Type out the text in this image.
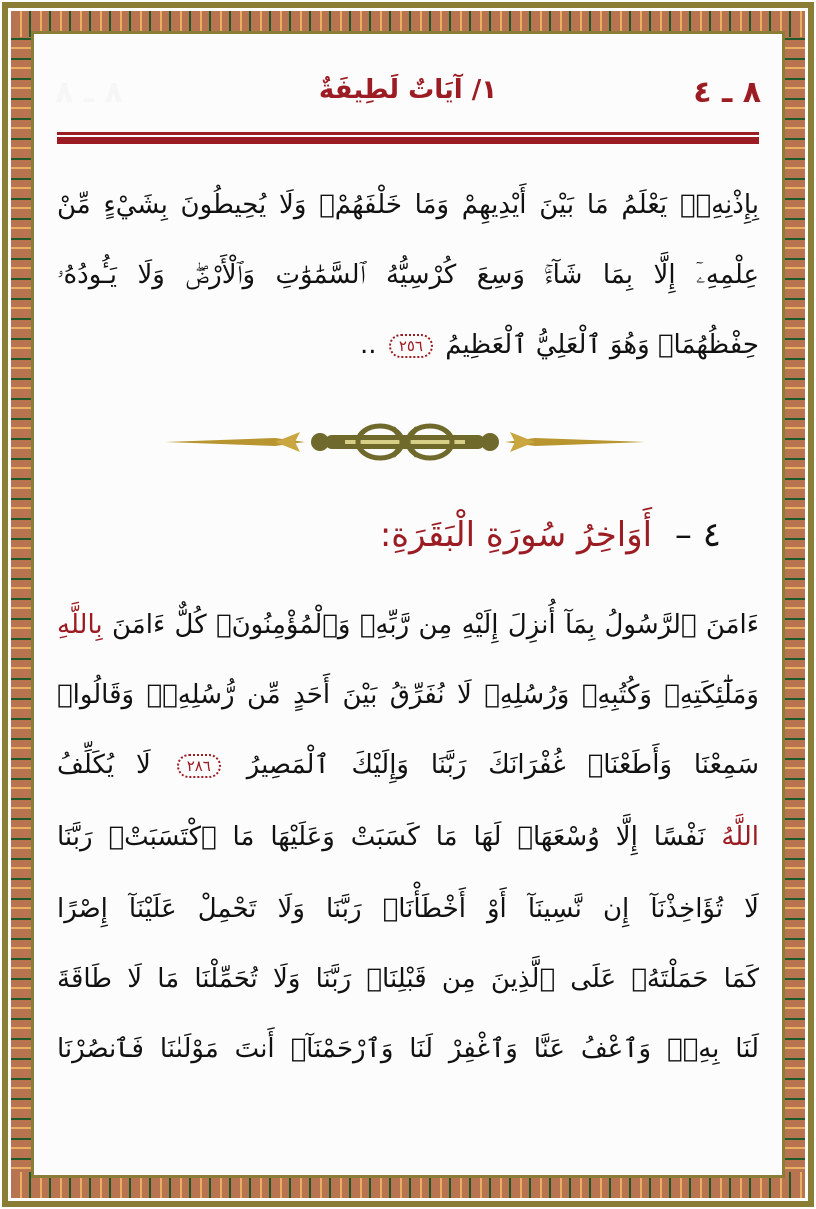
٨ ـ ٤
١/ آيَاتٌ لَطِيفَةٌ
٨ ـ ٨
بِإِذْنِهِۦۚ يَعْلَمُ مَا بَيْنَ أَيْدِيهِمْ وَمَا خَلْفَهُمْۖ وَلَا يُحِيطُونَ بِشَيْءٍ مِّنْ
عِلْمِهِۦٓ إِلَّا بِمَا شَآءَۚ وَسِعَ كُرْسِيُّهُ ٱلسَّمَٰوَٰتِ وَٱلْأَرْضَۖ وَلَا يَـُٔودُهُۥ
حِفْظُهُمَاۚ وَهُوَ ٱلْعَلِيُّ ٱلْعَظِيمُ ٢٥٦ ..
٤ – أَوَاخِرُ سُورَةِ الْبَقَرَةِ:
ءَامَنَ ٱلرَّسُولُ بِمَآ أُنزِلَ إِلَيْهِ مِن رَّبِّهِۦ وَٱلْمُؤْمِنُونَۚ كُلٌّ ءَامَنَ بِاللَّهِ
وَمَلَٰٓئِكَتِهِۦ وَكُتُبِهِۦ وَرُسُلِهِۦ لَا نُفَرِّقُ بَيْنَ أَحَدٍ مِّن رُّسُلِهِۦۚ وَقَالُوا۟
سَمِعْنَا وَأَطَعْنَاۖ غُفْرَانَكَ رَبَّنَا وَإِلَيْكَ ٱلْمَصِيرُ ٢٨٦ لَا يُكَلِّفُ
اللَّهُ نَفْسًا إِلَّا وُسْعَهَاۚ لَهَا مَا كَسَبَتْ وَعَلَيْهَا مَا ٱكْتَسَبَتْۗ رَبَّنَا
لَا تُؤَاخِذْنَآ إِن نَّسِينَآ أَوْ أَخْطَأْنَاۚ رَبَّنَا وَلَا تَحْمِلْ عَلَيْنَآ إِصْرًا
كَمَا حَمَلْتَهُۥ عَلَى ٱلَّذِينَ مِن قَبْلِنَاۚ رَبَّنَا وَلَا تُحَمِّلْنَا مَا لَا طَاقَةَ
لَنَا بِهِۦۖ وَٱعْفُ عَنَّا وَٱغْفِرْ لَنَا وَٱرْحَمْنَآۚ أَنتَ مَوْلَىٰنَا فَٱنصُرْنَا
